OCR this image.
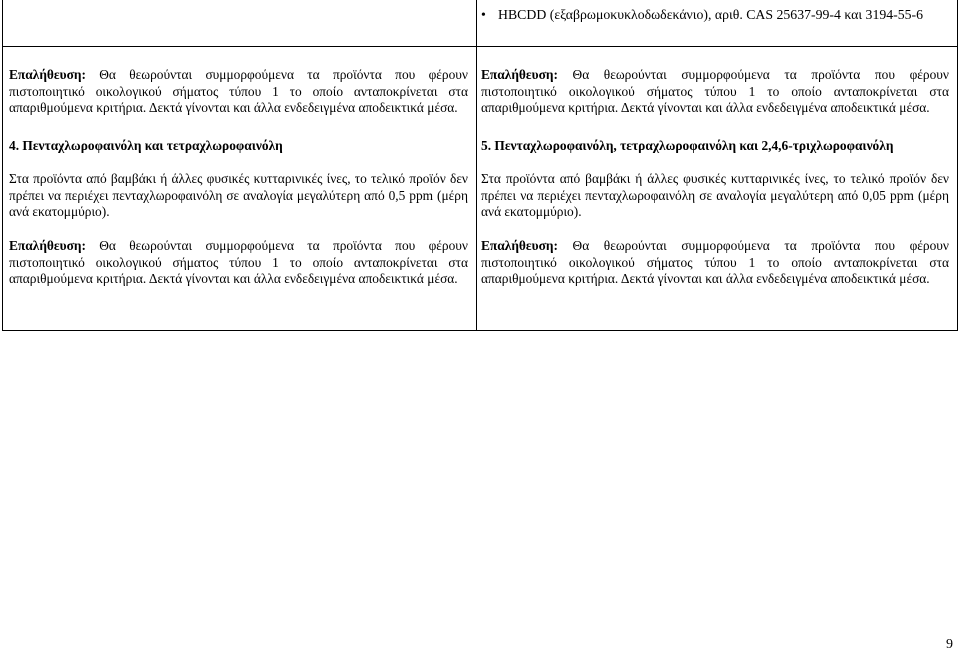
• HBCDD (εξαβρωμοκυκλοδωδεκάνιο), αριθ. CAS 25637-99-4 και 3194-55-6

Επαλήθευση: Θα θεωρούνται συμμορφούμενα τα προϊόντα που φέρουν πιστοποιητικό οικολογικού σήματος τύπου 1 το οποίο ανταποκρίνεται στα απαριθμούμενα κριτήρια. Δεκτά γίνονται και άλλα ενδεδειγμένα αποδεικτικά μέσα.

4. Πενταχλωροφαινόλη και τετραχλωροφαινόλη

Στα προϊόντα από βαμβάκι ή άλλες φυσικές κυτταρινικές ίνες, το τελικό προϊόν δεν πρέπει να περιέχει πενταχλωροφαινόλη σε αναλογία μεγαλύτερη από 0,5 ppm (μέρη ανά εκατομμύριο).

Επαλήθευση: Θα θεωρούνται συμμορφούμενα τα προϊόντα που φέρουν πιστοποιητικό οικολογικού σήματος τύπου 1 το οποίο ανταποκρίνεται στα απαριθμούμενα κριτήρια. Δεκτά γίνονται και άλλα ενδεδειγμένα αποδεικτικά μέσα.

Επαλήθευση: Θα θεωρούνται συμμορφούμενα τα προϊόντα που φέρουν πιστοποιητικό οικολογικού σήματος τύπου 1 το οποίο ανταποκρίνεται στα απαριθμούμενα κριτήρια. Δεκτά γίνονται και άλλα ενδεδειγμένα αποδεικτικά μέσα.

5. Πενταχλωροφαινόλη, τετραχλωροφαινόλη και 2,4,6-τριχλωροφαινόλη

Στα προϊόντα από βαμβάκι ή άλλες φυσικές κυτταρινικές ίνες, το τελικό προϊόν δεν πρέπει να περιέχει πενταχλωροφαινόλη σε αναλογία μεγαλύτερη από 0,05 ppm (μέρη ανά εκατομμύριο).

Επαλήθευση: Θα θεωρούνται συμμορφούμενα τα προϊόντα που φέρουν πιστοποιητικό οικολογικού σήματος τύπου 1 το οποίο ανταποκρίνεται στα απαριθμούμενα κριτήρια. Δεκτά γίνονται και άλλα ενδεδειγμένα αποδεικτικά μέσα.

9
